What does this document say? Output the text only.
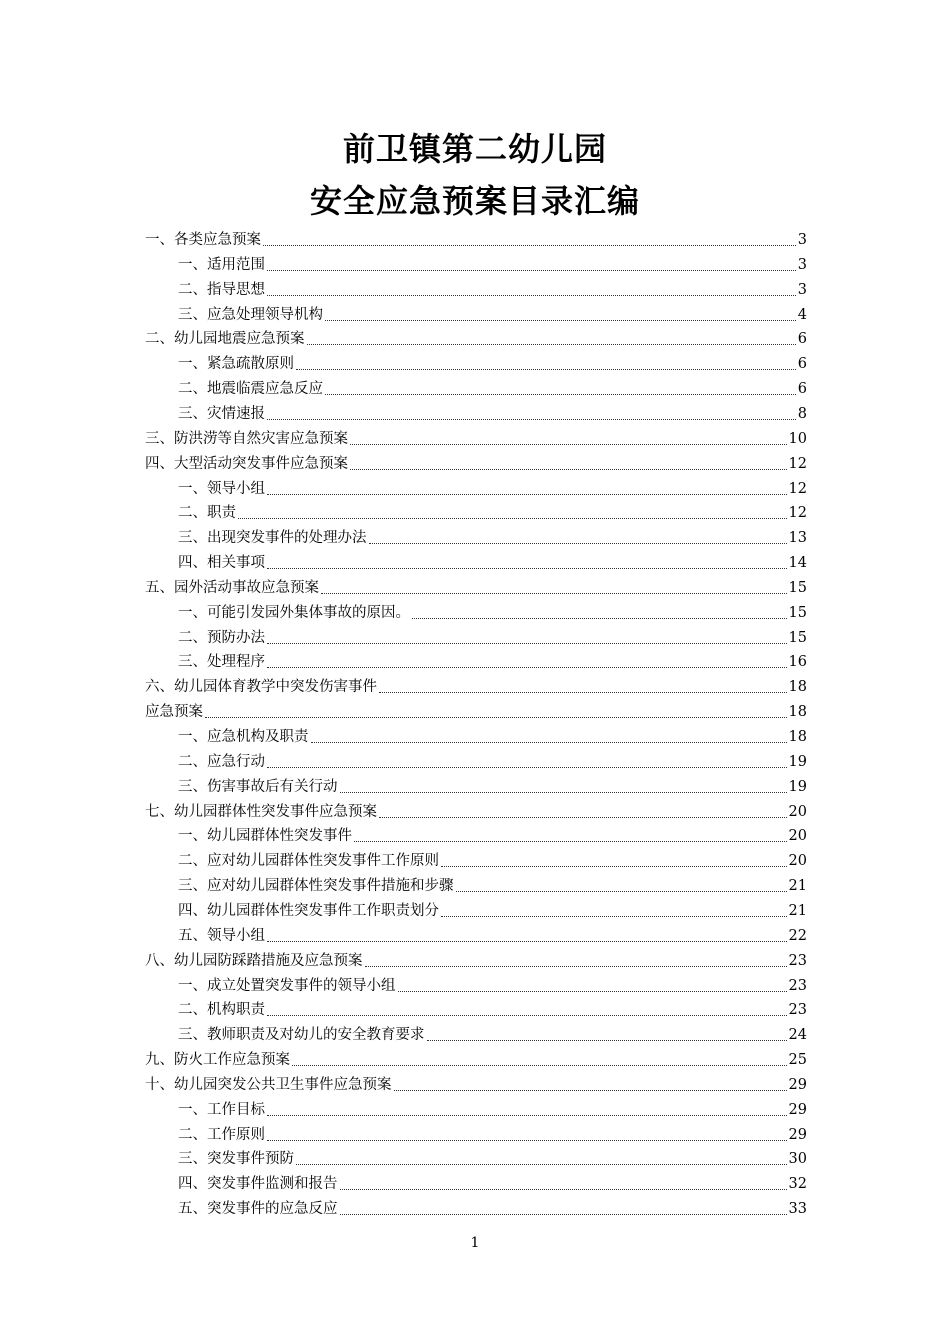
前卫镇第二幼儿园
安全应急预案目录汇编
一、各类应急预案	3
一、适用范围	3
二、指导思想	3
三、应急处理领导机构	4
二、幼儿园地震应急预案	6
一、紧急疏散原则	6
二、地震临震应急反应	6
三、灾情速报	8
三、防洪涝等自然灾害应急预案	10
四、大型活动突发事件应急预案	12
一、领导小组	12
二、职责	12
三、出现突发事件的处理办法	13
四、相关事项	14
五、园外活动事故应急预案	15
一、可能引发园外集体事故的原因。	15
二、预防办法	15
三、处理程序	16
六、幼儿园体育教学中突发伤害事件	18
应急预案	18
一、应急机构及职责	18
二、应急行动	19
三、伤害事故后有关行动	19
七、幼儿园群体性突发事件应急预案	20
一、幼儿园群体性突发事件	20
二、应对幼儿园群体性突发事件工作原则	20
三、应对幼儿园群体性突发事件措施和步骤	21
四、幼儿园群体性突发事件工作职责划分	21
五、领导小组	22
八、幼儿园防踩踏措施及应急预案	23
一、成立处置突发事件的领导小组	23
二、机构职责	23
三、教师职责及对幼儿的安全教育要求	24
九、防火工作应急预案	25
十、幼儿园突发公共卫生事件应急预案	29
一、工作目标	29
二、工作原则	29
三、突发事件预防	30
四、突发事件监测和报告	32
五、突发事件的应急反应	33
1
